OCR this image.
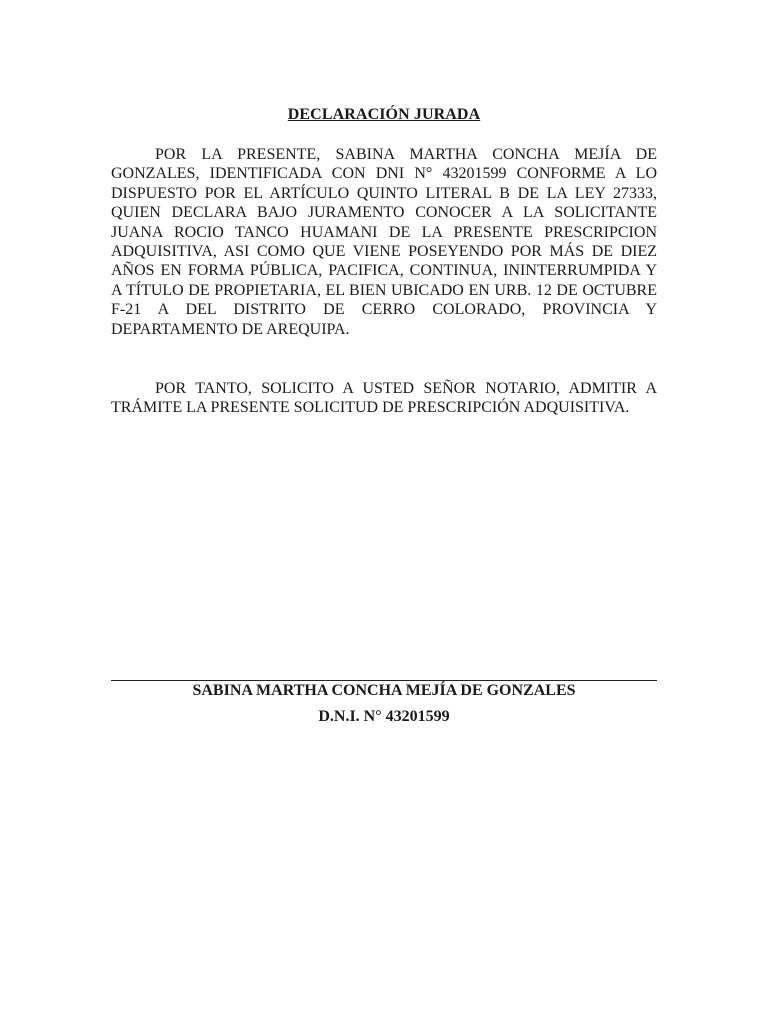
DECLARACIÓN JURADA

POR LA PRESENTE, SABINA MARTHA CONCHA MEJÍA DE GONZALES, IDENTIFICADA CON DNI N° 43201599 CONFORME A LO DISPUESTO POR EL ARTÍCULO QUINTO LITERAL B DE LA LEY 27333, QUIEN DECLARA BAJO JURAMENTO CONOCER A LA SOLICITANTE JUANA ROCIO TANCO HUAMANI DE LA PRESENTE PRESCRIPCION ADQUISITIVA, ASI COMO QUE VIENE POSEYENDO POR MÁS DE DIEZ AÑOS EN FORMA PÚBLICA, PACIFICA, CONTINUA, ININTERRUMPIDA Y A TÍTULO DE PROPIETARIA, EL BIEN UBICADO EN URB. 12 DE OCTUBRE F-21 A DEL DISTRITO DE CERRO COLORADO, PROVINCIA Y DEPARTAMENTO DE AREQUIPA.

POR TANTO, SOLICITO A USTED SEÑOR NOTARIO, ADMITIR A TRÁMITE LA PRESENTE SOLICITUD DE PRESCRIPCIÓN ADQUISITIVA.

SABINA MARTHA CONCHA MEJÍA DE GONZALES

D.N.I. N° 43201599
